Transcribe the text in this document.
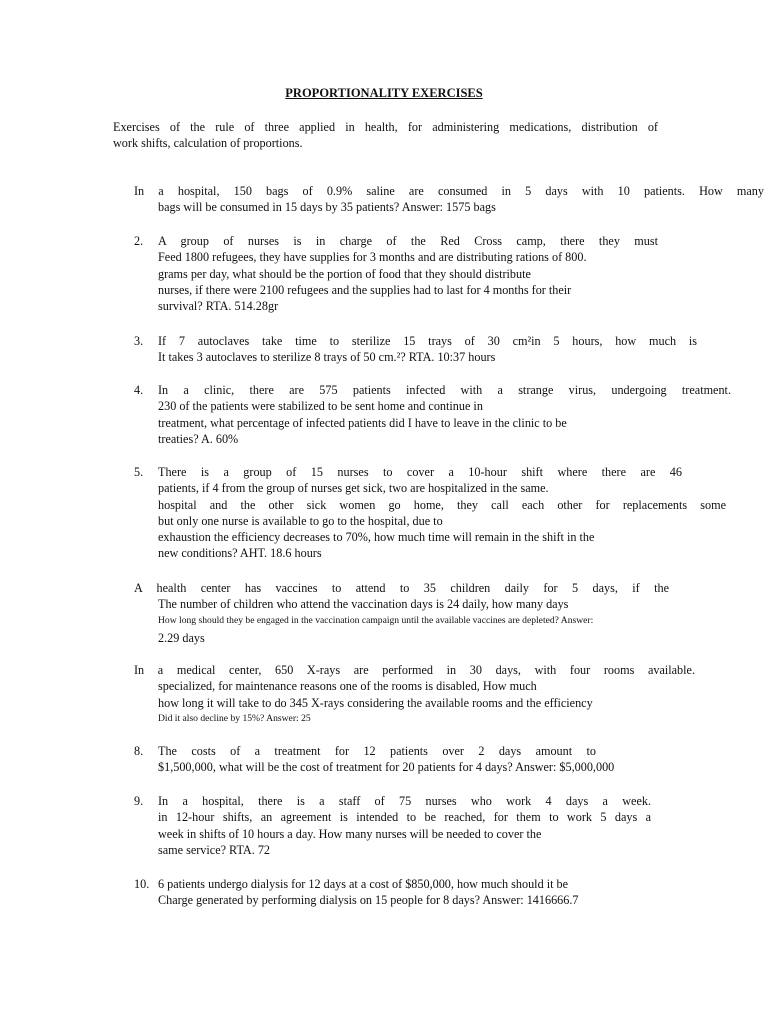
PROPORTIONALITY EXERCISES
Exercises of the rule of three applied in health, for administering medications, distribution of
work shifts, calculation of proportions.
In a hospital, 150 bags of 0.9% saline are consumed in 5 days with 10 patients. How many
bags will be consumed in 15 days by 35 patients? Answer: 1575 bags
2. A group of nurses is in charge of the Red Cross camp, there they must
Feed 1800 refugees, they have supplies for 3 months and are distributing rations of 800.
grams per day, what should be the portion of food that they should distribute
nurses, if there were 2100 refugees and the supplies had to last for 4 months for their
survival? RTA. 514.28gr
3. If 7 autoclaves take time to sterilize 15 trays of 30 cm²in 5 hours, how much is
It takes 3 autoclaves to sterilize 8 trays of 50 cm.²? RTA. 10:37 hours
4. In a clinic, there are 575 patients infected with a strange virus, undergoing treatment.
230 of the patients were stabilized to be sent home and continue in
treatment, what percentage of infected patients did I have to leave in the clinic to be
treaties? A. 60%
5. There is a group of 15 nurses to cover a 10-hour shift where there are 46
patients, if 4 from the group of nurses get sick, two are hospitalized in the same.
hospital and the other sick women go home, they call each other for replacements some
but only one nurse is available to go to the hospital, due to
exhaustion the efficiency decreases to 70%, how much time will remain in the shift in the
new conditions? AHT. 18.6 hours
A health center has vaccines to attend to 35 children daily for 5 days, if the
The number of children who attend the vaccination days is 24 daily, how many days
How long should they be engaged in the vaccination campaign until the available vaccines are depleted? Answer:
2.29 days
In a medical center, 650 X-rays are performed in 30 days, with four rooms available.
specialized, for maintenance reasons one of the rooms is disabled, How much
how long it will take to do 345 X-rays considering the available rooms and the efficiency
Did it also decline by 15%? Answer: 25
8. The costs of a treatment for 12 patients over 2 days amount to
$1,500,000, what will be the cost of treatment for 20 patients for 4 days? Answer: $5,000,000
9. In a hospital, there is a staff of 75 nurses who work 4 days a week.
in 12-hour shifts, an agreement is intended to be reached, for them to work 5 days a
week in shifts of 10 hours a day. How many nurses will be needed to cover the
same service? RTA. 72
10. 6 patients undergo dialysis for 12 days at a cost of $850,000, how much should it be
Charge generated by performing dialysis on 15 people for 8 days? Answer: 1416666.7
